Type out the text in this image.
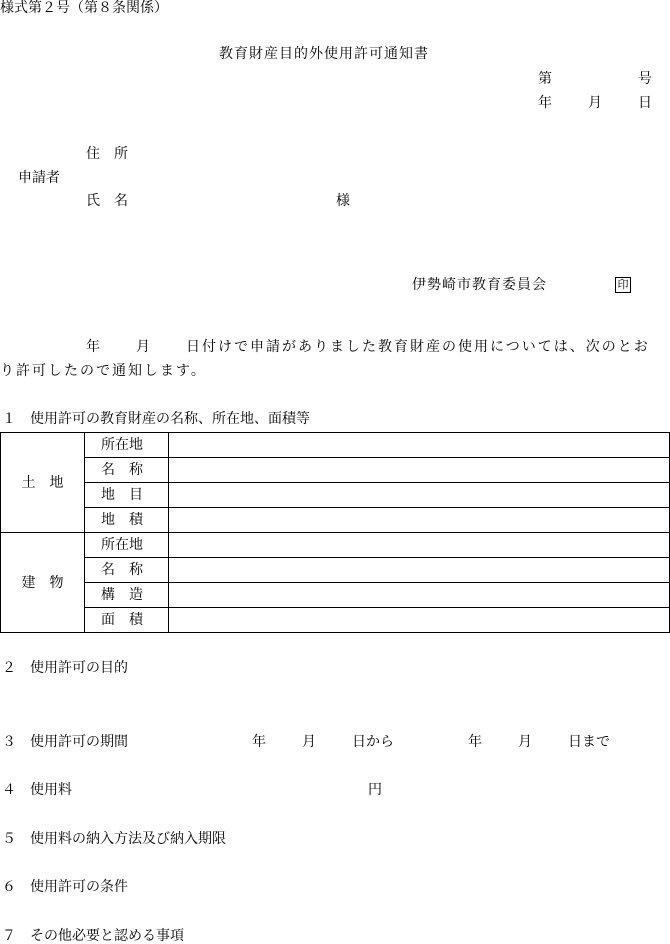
様式第２号（第８条関係）
教育財産目的外使用許可通知書
第	号
年	月	日
住　所
申請者
氏　名	様
伊勢崎市教育委員会	印
年	月	日付けで申請がありました教育財産の使用については、次のとお
り許可したので通知します。
１　使用許可の教育財産の名称、所在地、面積等
土　地	所在地	
	名　称	
	地　目	
	地　積	
建　物	所在地	
	名　称	
	構　造	
	面　積	
２　使用許可の目的
３　使用許可の期間	年	月	日から	年	月	日まで
４　使用料	円
５　使用料の納入方法及び納入期限
６　使用許可の条件
７　その他必要と認める事項
